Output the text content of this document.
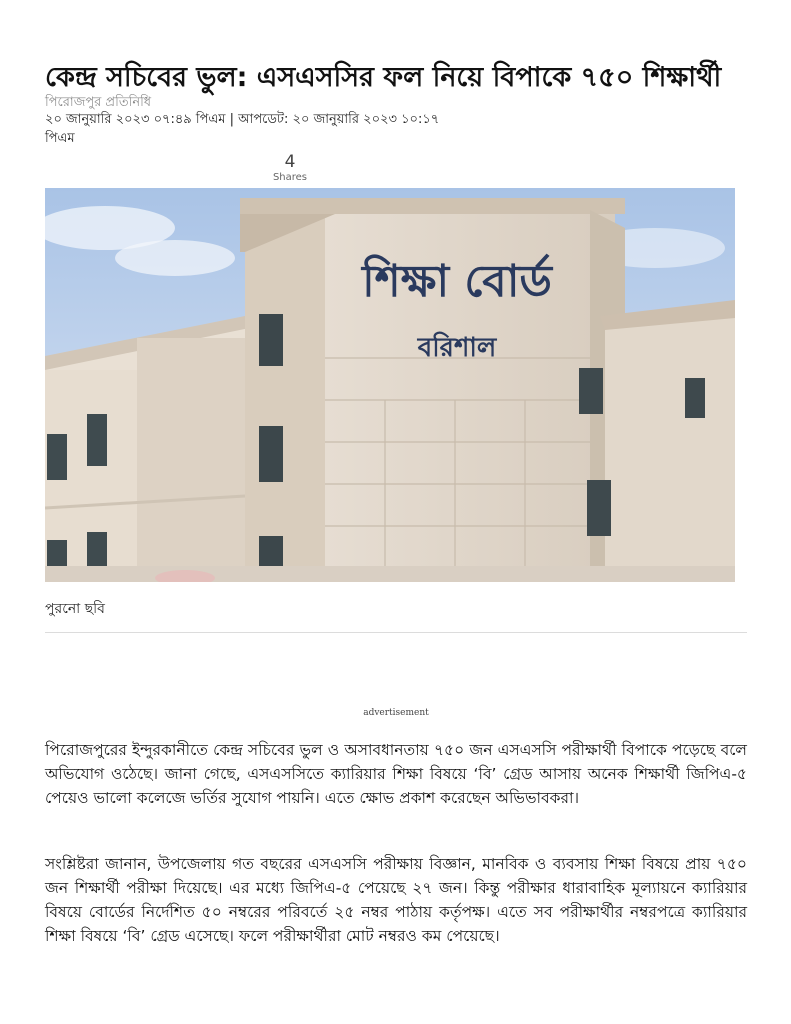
কেন্দ্র সচিবের ভুল: এসএসসির ফল নিয়ে বিপাকে ৭৫০ শিক্ষার্থী
পিরোজপুর প্রতিনিধি
২০ জানুয়ারি ২০২৩ ০৭:৪৯ পিএম | আপডেট: ২০ জানুয়ারি ২০২৩ ১০:১৭ পিএম
4
Shares
শিক্ষা বোর্ড
বরিশাল
পুরনো ছবি
advertisement

পিরোজপুরের ইন্দুরকানীতে কেন্দ্র সচিবের ভুল ও অসাবধানতায় ৭৫০ জন এসএসসি পরীক্ষার্থী বিপাকে পড়েছে বলে অভিযোগ ওঠেছে। জানা গেছে, এসএসসিতে ক্যারিয়ার শিক্ষা বিষয়ে ‘বি’ গ্রেড আসায় অনেক শিক্ষার্থী জিপিএ-৫ পেয়েও ভালো কলেজে ভর্তির সুযোগ পায়নি। এতে ক্ষোভ প্রকাশ করেছেন অভিভাবকরা।

সংশ্লিষ্টরা জানান, উপজেলায় গত বছরের এসএসসি পরীক্ষায় বিজ্ঞান, মানবিক ও ব্যবসায় শিক্ষা বিষয়ে প্রায় ৭৫০ জন শিক্ষার্থী পরীক্ষা দিয়েছে। এর মধ্যে জিপিএ-৫ পেয়েছে ২৭ জন। কিন্তু পরীক্ষার ধারাবাহিক মূল্যায়নে ক্যারিয়ার বিষয়ে বোর্ডের নির্দেশিত ৫০ নম্বরের পরিবর্তে ২৫ নম্বর পাঠায় কর্তৃপক্ষ। এতে সব পরীক্ষার্থীর নম্বরপত্রে ক্যারিয়ার শিক্ষা বিষয়ে ‘বি’ গ্রেড এসেছে। ফলে পরীক্ষার্থীরা মোট নম্বরও কম পেয়েছে।
